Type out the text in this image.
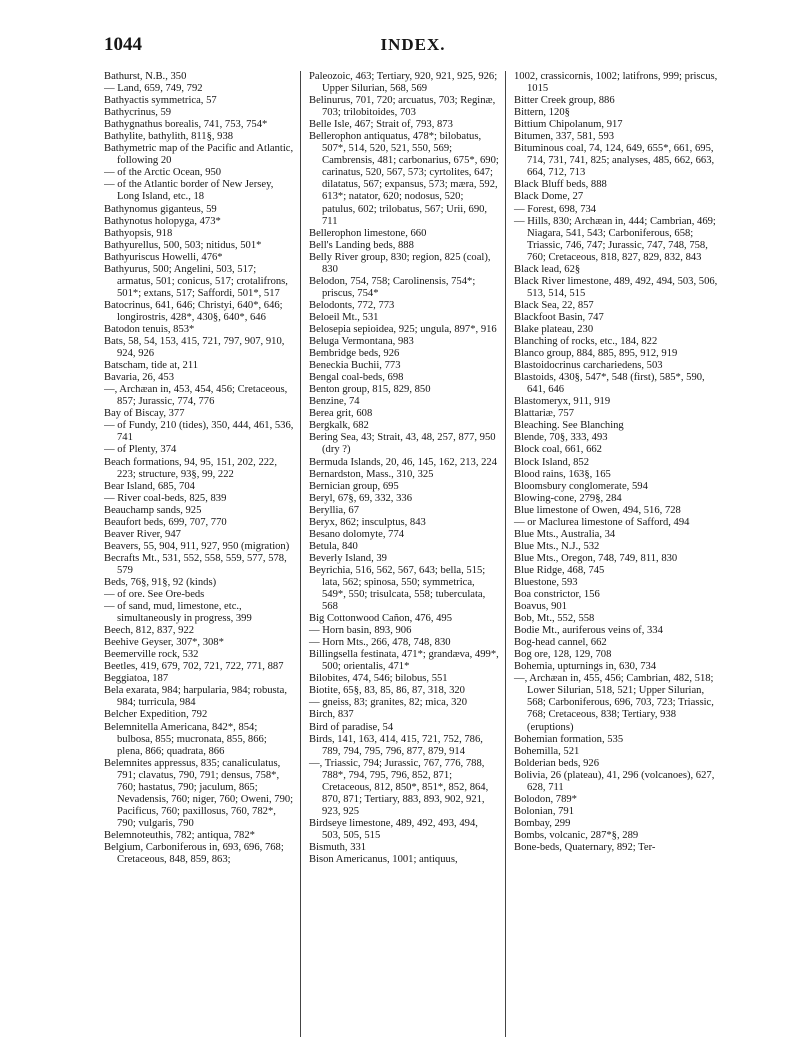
1044	INDEX.
Bathurst, N.B., 350
— Land, 659, 749, 792
Bathyactis symmetrica, 57
Bathycrinus, 59
Bathygnathus borealis, 741, 753, 754*
Bathylite, bathylith, 811§, 938
Bathymetric map of the Pacific and Atlantic, following 20
— of the Arctic Ocean, 950
— of the Atlantic border of New Jersey, Long Island, etc., 18
Bathynomus giganteus, 59
Bathynotus holopyga, 473*
Bathyopsis, 918
Bathyurellus, 500, 503; nitidus, 501*
Bathyuriscus Howelli, 476*
Bathyurus, 500; Angelini, 503, 517; armatus, 501; conicus, 517; crotalifrons, 501*; extans, 517; Saffordi, 501*, 517
Batocrinus, 641, 646; Christyi, 640*, 646; longirostris, 428*, 430§, 640*, 646
Batodon tenuis, 853*
Bats, 58, 54, 153, 415, 721, 797, 907, 910, 924, 926
Batscham, tide at, 211
Bavaria, 26, 453
—, Archæan in, 453, 454, 456; Cretaceous, 857; Jurassic, 774, 776
Bay of Biscay, 377
— of Fundy, 210 (tides), 350, 444, 461, 536, 741
— of Plenty, 374
Beach formations, 94, 95, 151, 202, 222, 223; structure, 93§, 99, 222
Bear Island, 685, 704
— River coal-beds, 825, 839
Beauchamp sands, 925
Beaufort beds, 699, 707, 770
Beaver River, 947
Beavers, 55, 904, 911, 927, 950 (migration)
Becrafts Mt., 531, 552, 558, 559, 577, 578, 579
Beds, 76§, 91§, 92 (kinds)
— of ore. See Ore-beds
— of sand, mud, limestone, etc., simultaneously in progress, 399
Beech, 812, 837, 922
Beehive Geyser, 307*, 308*
Beemerville rock, 532
Beetles, 419, 679, 702, 721, 722, 771, 887
Beggiatoa, 187
Bela exarata, 984; harpularia, 984; robusta, 984; turricula, 984
Belcher Expedition, 792
Belemnitella Americana, 842*, 854; bulbosa, 855; mucronata, 855, 866; plena, 866; quadrata, 866
Belemnites appressus, 835; canaliculatus, 791; clavatus, 790, 791; densus, 758*, 760; hastatus, 790; jaculum, 865; Nevadensis, 760; niger, 760; Oweni, 790; Pacificus, 760; paxillosus, 760, 782*, 790; vulgaris, 790
Belemnoteuthis, 782; antiqua, 782*
Belgium, Carboniferous in, 693, 696, 768; Cretaceous, 848, 859, 863;
Paleozoic, 463; Tertiary, 920, 921, 925, 926; Upper Silurian, 568, 569
Belinurus, 701, 720; arcuatus, 703; Reginæ, 703; trilobitoides, 703
Belle Isle, 467; Strait of, 793, 873
Bellerophon antiquatus, 478*; bilobatus, 507*, 514, 520, 521, 550, 569; Cambrensis, 481; carbonarius, 675*, 690; carinatus, 520, 567, 573; cyrtolites, 647; dilatatus, 567; expansus, 573; mæra, 592, 613*; natator, 620; nodosus, 520; patulus, 602; trilobatus, 567; Urii, 690, 711
Bellerophon limestone, 660
Bell's Landing beds, 888
Belly River group, 830; region, 825 (coal), 830
Belodon, 754, 758; Carolinensis, 754*; priscus, 754*
Belodonts, 772, 773
Beloeil Mt., 531
Belosepia sepioidea, 925; ungula, 897*, 916
Beluga Vermontana, 983
Bembridge beds, 926
Beneckia Buchii, 773
Bengal coal-beds, 698
Benton group, 815, 829, 850
Benzine, 74
Berea grit, 608
Bergkalk, 682
Bering Sea, 43; Strait, 43, 48, 257, 877, 950 (dry ?)
Bermuda Islands, 20, 46, 145, 162, 213, 224
Bernardston, Mass., 310, 325
Bernician group, 695
Beryl, 67§, 69, 332, 336
Beryllia, 67
Beryx, 862; insculptus, 843
Besano dolomyte, 774
Betula, 840
Beverly Island, 39
Beyrichia, 516, 562, 567, 643; bella, 515; lata, 562; spinosa, 550; symmetrica, 549*, 550; trisulcata, 558; tuberculata, 568
Big Cottonwood Cañon, 476, 495
— Horn basin, 893, 906
— Horn Mts., 266, 478, 748, 830
Billingsella festinata, 471*; grandæva, 499*, 500; orientalis, 471*
Bilobites, 474, 546; bilobus, 551
Biotite, 65§, 83, 85, 86, 87, 318, 320
— gneiss, 83; granites, 82; mica, 320
Birch, 837
Bird of paradise, 54
Birds, 141, 163, 414, 415, 721, 752, 786, 789, 794, 795, 796, 877, 879, 914
—, Triassic, 794; Jurassic, 767, 776, 788, 788*, 794, 795, 796, 852, 871; Cretaceous, 812, 850*, 851*, 852, 864, 870, 871; Tertiary, 883, 893, 902, 921, 923, 925
Birdseye limestone, 489, 492, 493, 494, 503, 505, 515
Bismuth, 331
Bison Americanus, 1001; antiquus,
1002, crassicornis, 1002; latifrons, 999; priscus, 1015
Bitter Creek group, 886
Bittern, 120§
Bittium Chipolanum, 917
Bitumen, 337, 581, 593
Bituminous coal, 74, 124, 649, 655*, 661, 695, 714, 731, 741, 825; analyses, 485, 662, 663, 664, 712, 713
Black Bluff beds, 888
Black Dome, 27
— Forest, 698, 734
— Hills, 830; Archæan in, 444; Cambrian, 469; Niagara, 541, 543; Carboniferous, 658; Triassic, 746, 747; Jurassic, 747, 748, 758, 760; Cretaceous, 818, 827, 829, 832, 843
Black lead, 62§
Black River limestone, 489, 492, 494, 503, 506, 513, 514, 515
Black Sea, 22, 857
Blackfoot Basin, 747
Blake plateau, 230
Blanching of rocks, etc., 184, 822
Blanco group, 884, 885, 895, 912, 919
Blastoidocrinus carchariedens, 503
Blastoids, 430§, 547*, 548 (first), 585*, 590, 641, 646
Blastomeryx, 911, 919
Blattariæ, 757
Bleaching. See Blanching
Blende, 70§, 333, 493
Block coal, 661, 662
Block Island, 852
Blood rains, 163§, 165
Bloomsbury conglomerate, 594
Blowing-cone, 279§, 284
Blue limestone of Owen, 494, 516, 728
— or Maclurea limestone of Safford, 494
Blue Mts., Australia, 34
Blue Mts., N.J., 532
Blue Mts., Oregon, 748, 749, 811, 830
Blue Ridge, 468, 745
Bluestone, 593
Boa constrictor, 156
Boavus, 901
Bob, Mt., 552, 558
Bodie Mt., auriferous veins of, 334
Bog-head cannel, 662
Bog ore, 128, 129, 708
Bohemia, upturnings in, 630, 734
—, Archæan in, 455, 456; Cambrian, 482, 518; Lower Silurian, 518, 521; Upper Silurian, 568; Carboniferous, 696, 703, 723; Triassic, 768; Cretaceous, 838; Tertiary, 938 (eruptions)
Bohemian formation, 535
Bohemilla, 521
Bolderian beds, 926
Bolivia, 26 (plateau), 41, 296 (volcanoes), 627, 628, 711
Bolodon, 789*
Bolonian, 791
Bombay, 299
Bombs, volcanic, 287*§, 289
Bone-beds, Quaternary, 892; Ter-
